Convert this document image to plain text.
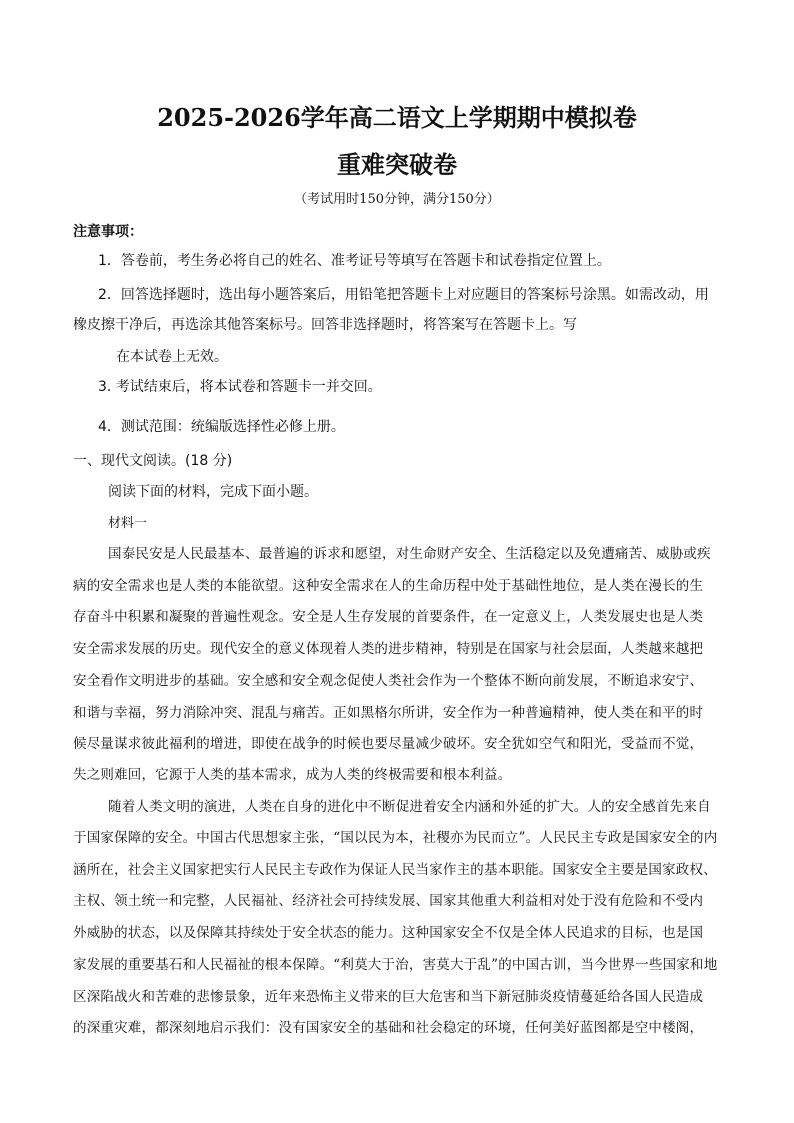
2025-2026学年高二语文上学期期中模拟卷
重难突破卷
（考试用时150分钟，满分150分）
注意事项：
1．答卷前，考生务必将自己的姓名、准考证号等填写在答题卡和试卷指定位置上。
2．回答选择题时，选出每小题答案后，用铅笔把答题卡上对应题目的答案标号涂黑。如需改动，用
橡皮擦干净后，再选涂其他答案标号。回答非选择题时，将答案写在答题卡上。写
在本试卷上无效。
3. 考试结束后，将本试卷和答题卡一并交回。
4．测试范围：统编版选择性必修上册。
一、现代文阅读。(18 分)
阅读下面的材料，完成下面小题。
材料一
国泰民安是人民最基本、最普遍的诉求和愿望，对生命财产安全、生活稳定以及免遭痛苦、威胁或疾
病的安全需求也是人类的本能欲望。这种安全需求在人的生命历程中处于基础性地位，是人类在漫长的生
存奋斗中积累和凝聚的普遍性观念。安全是人生存发展的首要条件，在一定意义上，人类发展史也是人类
安全需求发展的历史。现代安全的意义体现着人类的进步精神，特别是在国家与社会层面，人类越来越把
安全看作文明进步的基础。安全感和安全观念促使人类社会作为一个整体不断向前发展，不断追求安宁、
和谐与幸福，努力消除冲突、混乱与痛苦。正如黑格尔所讲，安全作为一种普遍精神，使人类在和平的时
候尽量谋求彼此福利的增进，即使在战争的时候也要尽量减少破坏。安全犹如空气和阳光，受益而不觉，
失之则难回，它源于人类的基本需求，成为人类的终极需要和根本利益。
随着人类文明的演进，人类在自身的进化中不断促进着安全内涵和外延的扩大。人的安全感首先来自
于国家保障的安全。中国古代思想家主张，“国以民为本，社稷亦为民而立”。人民民主专政是国家安全的内
涵所在，社会主义国家把实行人民民主专政作为保证人民当家作主的基本职能。国家安全主要是国家政权、
主权、领土统一和完整，人民福祉、经济社会可持续发展、国家其他重大利益相对处于没有危险和不受内
外威胁的状态，以及保障其持续处于安全状态的能力。这种国家安全不仅是全体人民追求的目标，也是国
家发展的重要基石和人民福祉的根本保障。“利莫大于治，害莫大于乱”的中国古训，当今世界一些国家和地
区深陷战火和苦难的悲惨景象，近年来恐怖主义带来的巨大危害和当下新冠肺炎疫情蔓延给各国人民造成
的深重灾难，都深刻地启示我们：没有国家安全的基础和社会稳定的环境，任何美好蓝图都是空中楼阁，
